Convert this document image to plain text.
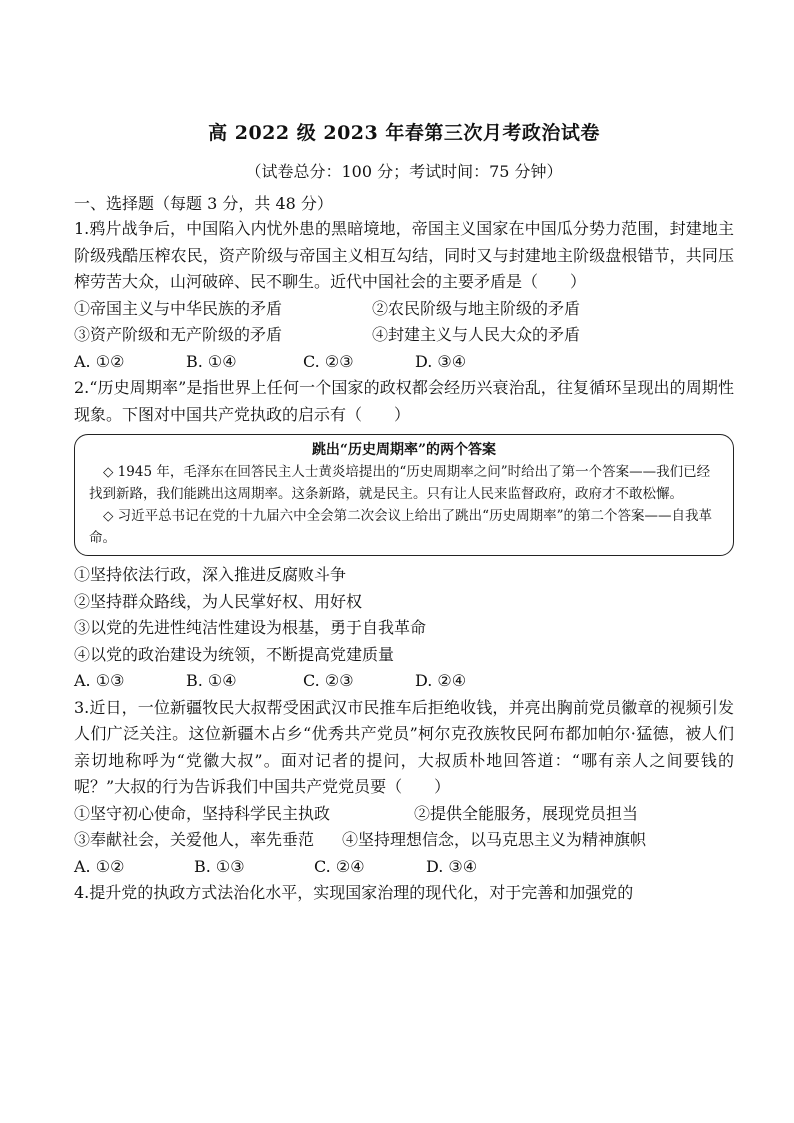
高 2022 级 2023 年春第三次月考政治试卷
（试卷总分：100 分；考试时间：75 分钟）
一、选择题（每题 3 分，共 48 分）

1.鸦片战争后，中国陷入内忧外患的黑暗境地，帝国主义国家在中国瓜分势力范围，封建地主阶级残酷压榨农民，资产阶级与帝国主义相互勾结，同时又与封建地主阶级盘根错节，共同压榨劳苦大众，山河破碎、民不聊生。近代中国社会的主要矛盾是（　　）

①帝国主义与中华民族的矛盾	②农民阶级与地主阶级的矛盾
③资产阶级和无产阶级的矛盾	④封建主义与人民大众的矛盾
A. ①②	B. ①④	C. ②③	D. ③④

2.“历史周期率”是指世界上任何一个国家的政权都会经历兴衰治乱，往复循环呈现出的周期性现象。下图对中国共产党执政的启示有（　　）

跳出“历史周期率”的两个答案

◇ 1945 年，毛泽东在回答民主人士黄炎培提出的“历史周期率之问”时给出了第一个答案——我们已经找到新路，我们能跳出这周期率。这条新路，就是民主。只有让人民来监督政府，政府才不敢松懈。

◇ 习近平总书记在党的十九届六中全会第二次会议上给出了跳出“历史周期率”的第二个答案——自我革命。

①坚持依法行政，深入推进反腐败斗争
②坚持群众路线，为人民掌好权、用好权
③以党的先进性纯洁性建设为根基，勇于自我革命
④以党的政治建设为统领，不断提高党建质量
A. ①③	B. ①④	C. ②③	D. ②④

3.近日，一位新疆牧民大叔帮受困武汉市民推车后拒绝收钱，并亮出胸前党员徽章的视频引发人们广泛关注。这位新疆木占乡“优秀共产党员”柯尔克孜族牧民阿布都加帕尔·猛德，被人们亲切地称呼为“党徽大叔”。面对记者的提问，大叔质朴地回答道：“哪有亲人之间要钱的呢？”大叔的行为告诉我们中国共产党党员要（　　）

①坚守初心使命，坚持科学民主执政	②提供全能服务，展现党员担当
③奉献社会，关爱他人，率先垂范	④坚持理想信念，以马克思主义为精神旗帜
A. ①②	B. ①③	C. ②④	D. ③④

4.提升党的执政方式法治化水平，实现国家治理的现代化，对于完善和加强党的
